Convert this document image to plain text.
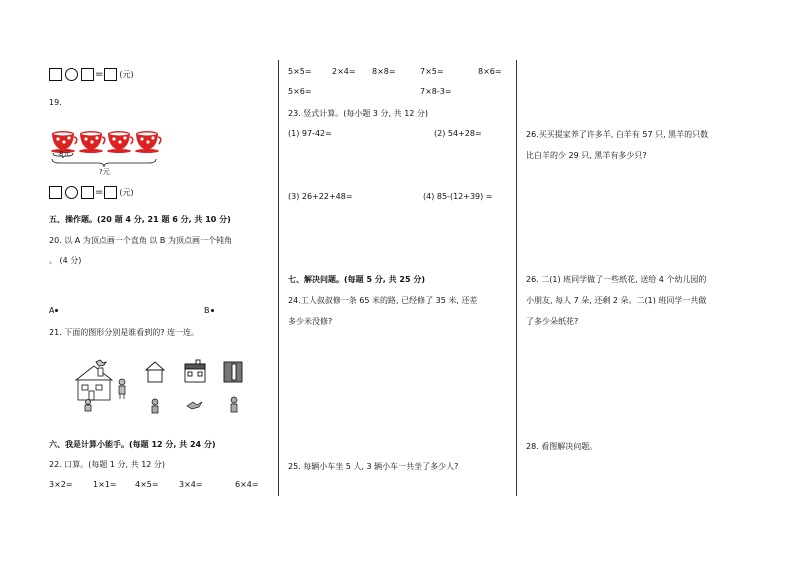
= (元)
19.
8元
?元
= (元)
五、操作题。(20 题 4 分, 21 题 6 分, 共 10 分)
20. 以 A 为顶点画一个直角 以 B 为顶点画一个钝角
。 (4 分)
A	B
21. 下面的图形分别是谁看到的? 连一连。
六、我是计算小能手。(每题 12 分, 共 24 分)
22. 口算。(每题 1 分, 共 12 分)
3×2=	1×1= 4×5=	3×4=	6×4=
5×5=	2×4= 8×8=	7×5=	8×6=
5×6=	7×8-3=
23. 竖式计算。(每小题 3 分, 共 12 分)
(1) 97-42=	(2) 54+28=
(3) 26+22+48=	(4) 85-(12+39) =
七、解决问题。(每题 5 分, 共 25 分)
24.工人叔叔修一条 65 米的路, 已经修了 35 米, 还差
多少米没修?
25. 每辆小车坐 5 人, 3 辆小车一共坐了多少人?
26.买买提家养了许多羊, 白羊有 57 只, 黑羊的只数
比白羊的少 29 只, 黑羊有多少只?
26. 二(1) 班同学做了一些纸花, 送给 4 个幼儿园的
小朋友, 每人 7 朵, 还剩 2 朵。二(1) 班同学一共做
了多少朵纸花?
28. 看图解决问题。
